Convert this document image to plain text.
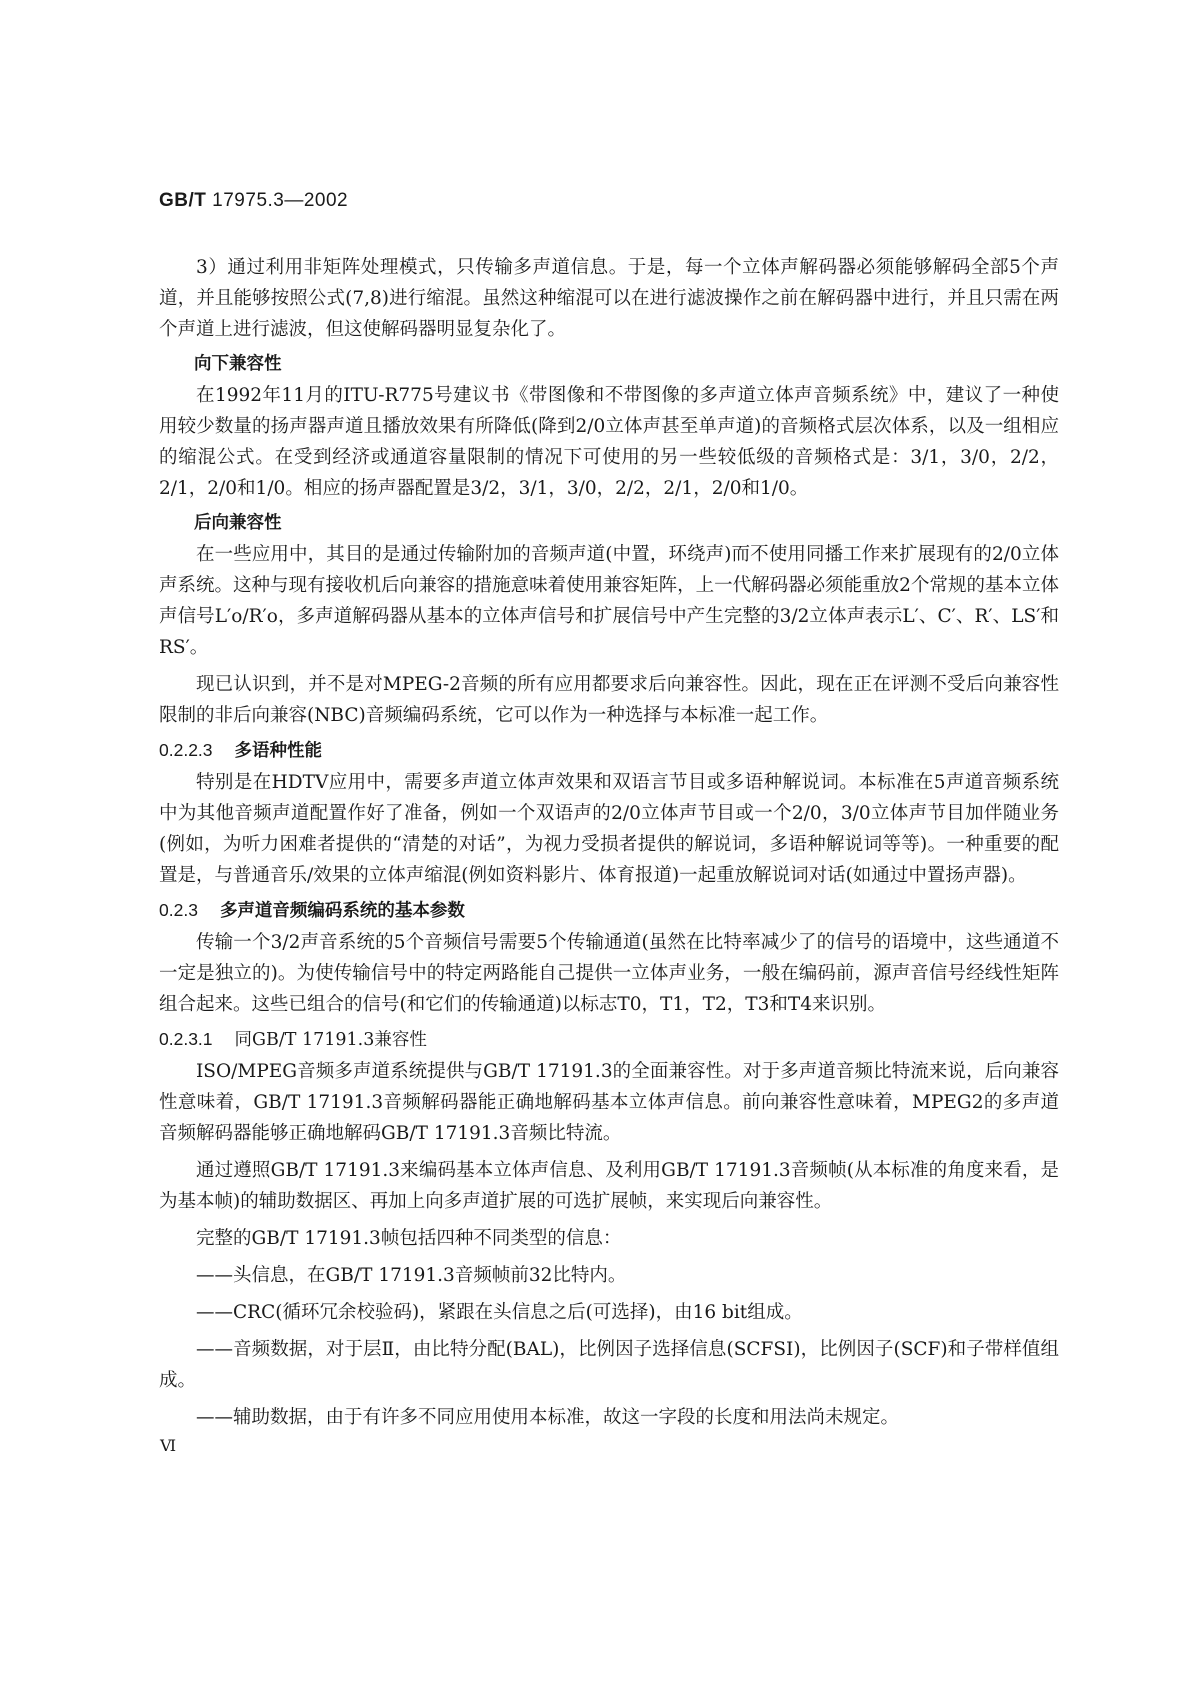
GB/T 17975.3—2002

3）通过利用非矩阵处理模式，只传输多声道信息。于是，每一个立体声解码器必须能够解码全部5个声道，并且能够按照公式(7,8)进行缩混。虽然这种缩混可以在进行滤波操作之前在解码器中进行，并且只需在两个声道上进行滤波，但这使解码器明显复杂化了。

向下兼容性

在1992年11月的ITU-R775号建议书《带图像和不带图像的多声道立体声音频系统》中，建议了一种使用较少数量的扬声器声道且播放效果有所降低(降到2/0立体声甚至单声道)的音频格式层次体系，以及一组相应的缩混公式。在受到经济或通道容量限制的情况下可使用的另一些较低级的音频格式是：3/1，3/0，2/2，2/1，2/0和1/0。相应的扬声器配置是3/2，3/1，3/0，2/2，2/1，2/0和1/0。

后向兼容性

在一些应用中，其目的是通过传输附加的音频声道(中置，环绕声)而不使用同播工作来扩展现有的2/0立体声系统。这种与现有接收机后向兼容的措施意味着使用兼容矩阵，上一代解码器必须能重放2个常规的基本立体声信号L′o/R′o，多声道解码器从基本的立体声信号和扩展信号中产生完整的3/2立体声表示L′、C′、R′、LS′和RS′。

现已认识到，并不是对MPEG-2音频的所有应用都要求后向兼容性。因此，现在正在评测不受后向兼容性限制的非后向兼容(NBC)音频编码系统，它可以作为一种选择与本标准一起工作。

0.2.2.3 多语种性能

特别是在HDTV应用中，需要多声道立体声效果和双语言节目或多语种解说词。本标准在5声道音频系统中为其他音频声道配置作好了准备，例如一个双语声的2/0立体声节目或一个2/0，3/0立体声节目加伴随业务(例如，为听力困难者提供的“清楚的对话”，为视力受损者提供的解说词，多语种解说词等等)。一种重要的配置是，与普通音乐/效果的立体声缩混(例如资料影片、体育报道)一起重放解说词对话(如通过中置扬声器)。

0.2.3 多声道音频编码系统的基本参数

传输一个3/2声音系统的5个音频信号需要5个传输通道(虽然在比特率减少了的信号的语境中，这些通道不一定是独立的)。为使传输信号中的特定两路能自己提供一立体声业务，一般在编码前，源声音信号经线性矩阵组合起来。这些已组合的信号(和它们的传输通道)以标志T0，T1，T2，T3和T4来识别。

0.2.3.1 同GB/T 17191.3兼容性

ISO/MPEG音频多声道系统提供与GB/T 17191.3的全面兼容性。对于多声道音频比特流来说，后向兼容性意味着，GB/T 17191.3音频解码器能正确地解码基本立体声信息。前向兼容性意味着，MPEG2的多声道音频解码器能够正确地解码GB/T 17191.3音频比特流。

通过遵照GB/T 17191.3来编码基本立体声信息、及利用GB/T 17191.3音频帧(从本标准的角度来看，是为基本帧)的辅助数据区、再加上向多声道扩展的可选扩展帧，来实现后向兼容性。

完整的GB/T 17191.3帧包括四种不同类型的信息：

——头信息，在GB/T 17191.3音频帧前32比特内。

——CRC(循环冗余校验码)，紧跟在头信息之后(可选择)，由16 bit组成。

——音频数据，对于层Ⅱ，由比特分配(BAL)，比例因子选择信息(SCFSI)，比例因子(SCF)和子带样值组成。

——辅助数据，由于有许多不同应用使用本标准，故这一字段的长度和用法尚未规定。

Ⅵ
